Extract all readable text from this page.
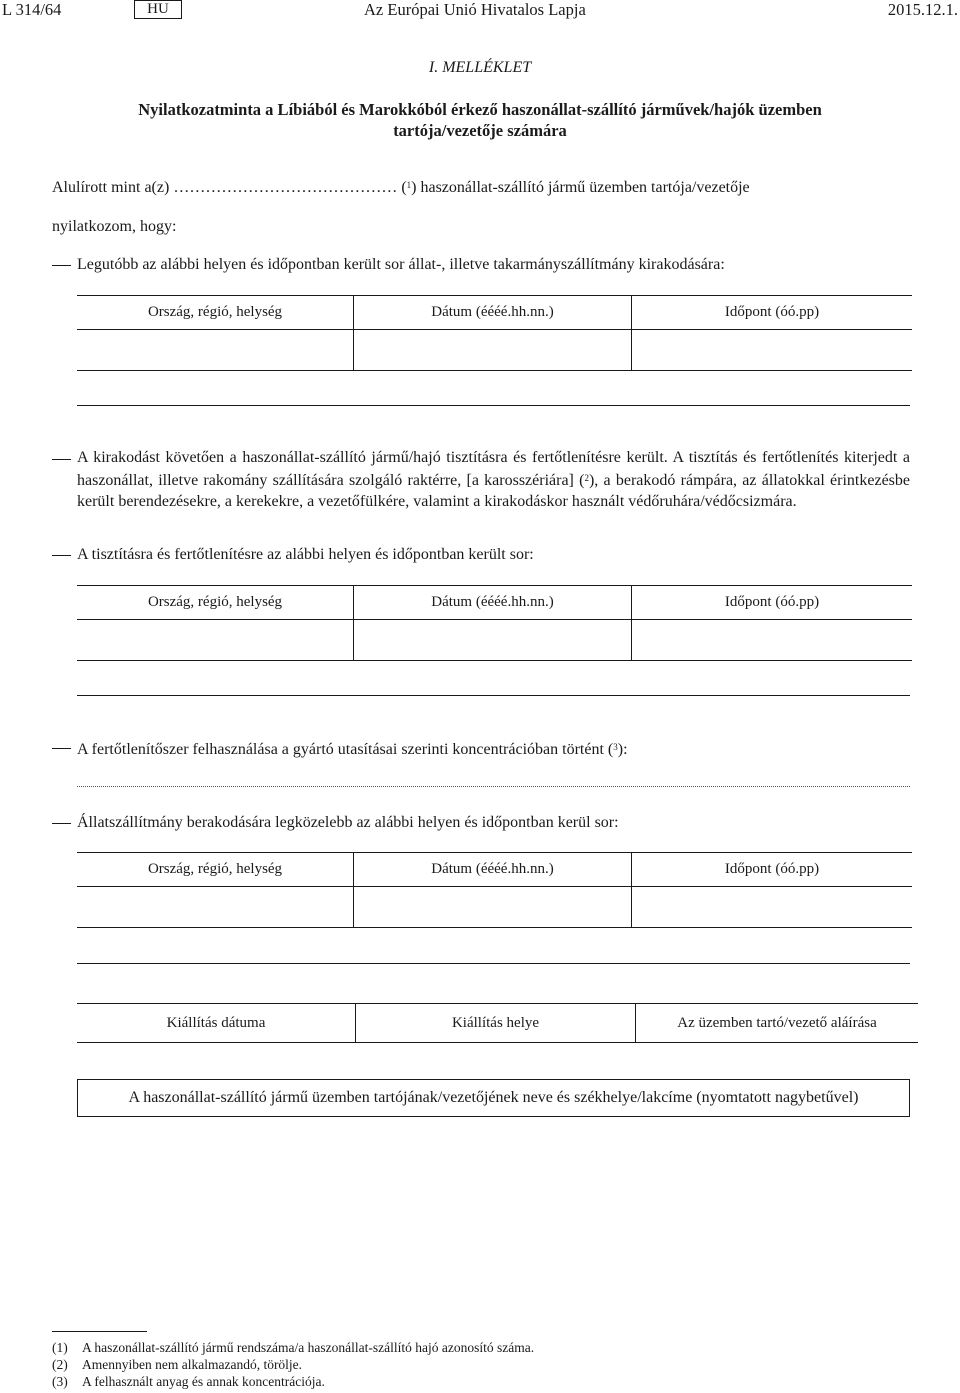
L 314/64	HU	Az Európai Unió Hivatalos Lapja	2015.12.1.
I. MELLÉKLET
Nyilatkozatminta a Líbiából és Marokkóból érkező haszonállat-szállító járművek/hajók üzemben
tartója/vezetője számára
Alulírott mint a(z) …………………………………… ($^1$) haszonállat-szállító jármű üzemben tartója/vezetője
nyilatkozom, hogy:
Legutóbb az alábbi helyen és időpontban került sor állat-, illetve takarmányszállítmány kirakodására:
Ország, régió, helység	Dátum (éééé.hh.nn.)	Időpont (óó.pp)

A kirakodást követően a haszonállat-szállító jármű/hajó tisztításra és fertőtlenítésre került. A tisztítás és fertőtlenítés kiterjedt a haszonállat, illetve rakomány szállítására szolgáló raktérre, [a karosszériára] ($^2$), a berakodó rámpára, az állatokkal érintkezésbe került berendezésekre, a kerekekre, a vezetőfülkére, valamint a kirakodáskor használt védőruhára/védőcsizmára.
A tisztításra és fertőtlenítésre az alábbi helyen és időpontban került sor:
Ország, régió, helység	Dátum (éééé.hh.nn.)	Időpont (óó.pp)

A fertőtlenítőszer felhasználása a gyártó utasításai szerinti koncentrációban történt ($^3$):
Állatszállítmány berakodására legközelebb az alábbi helyen és időpontban kerül sor:
Ország, régió, helység	Dátum (éééé.hh.nn.)	Időpont (óó.pp)

Kiállítás dátuma	Kiállítás helye	Az üzemben tartó/vezető aláírása
A haszonállat-szállító jármű üzemben tartójának/vezetőjének neve és székhelye/lakcíme (nyomtatott nagybetűvel)
(1) A haszonállat-szállító jármű rendszáma/a haszonállat-szállító hajó azonosító száma.
(2) Amennyiben nem alkalmazandó, törölje.
(3) A felhasznált anyag és annak koncentrációja.
